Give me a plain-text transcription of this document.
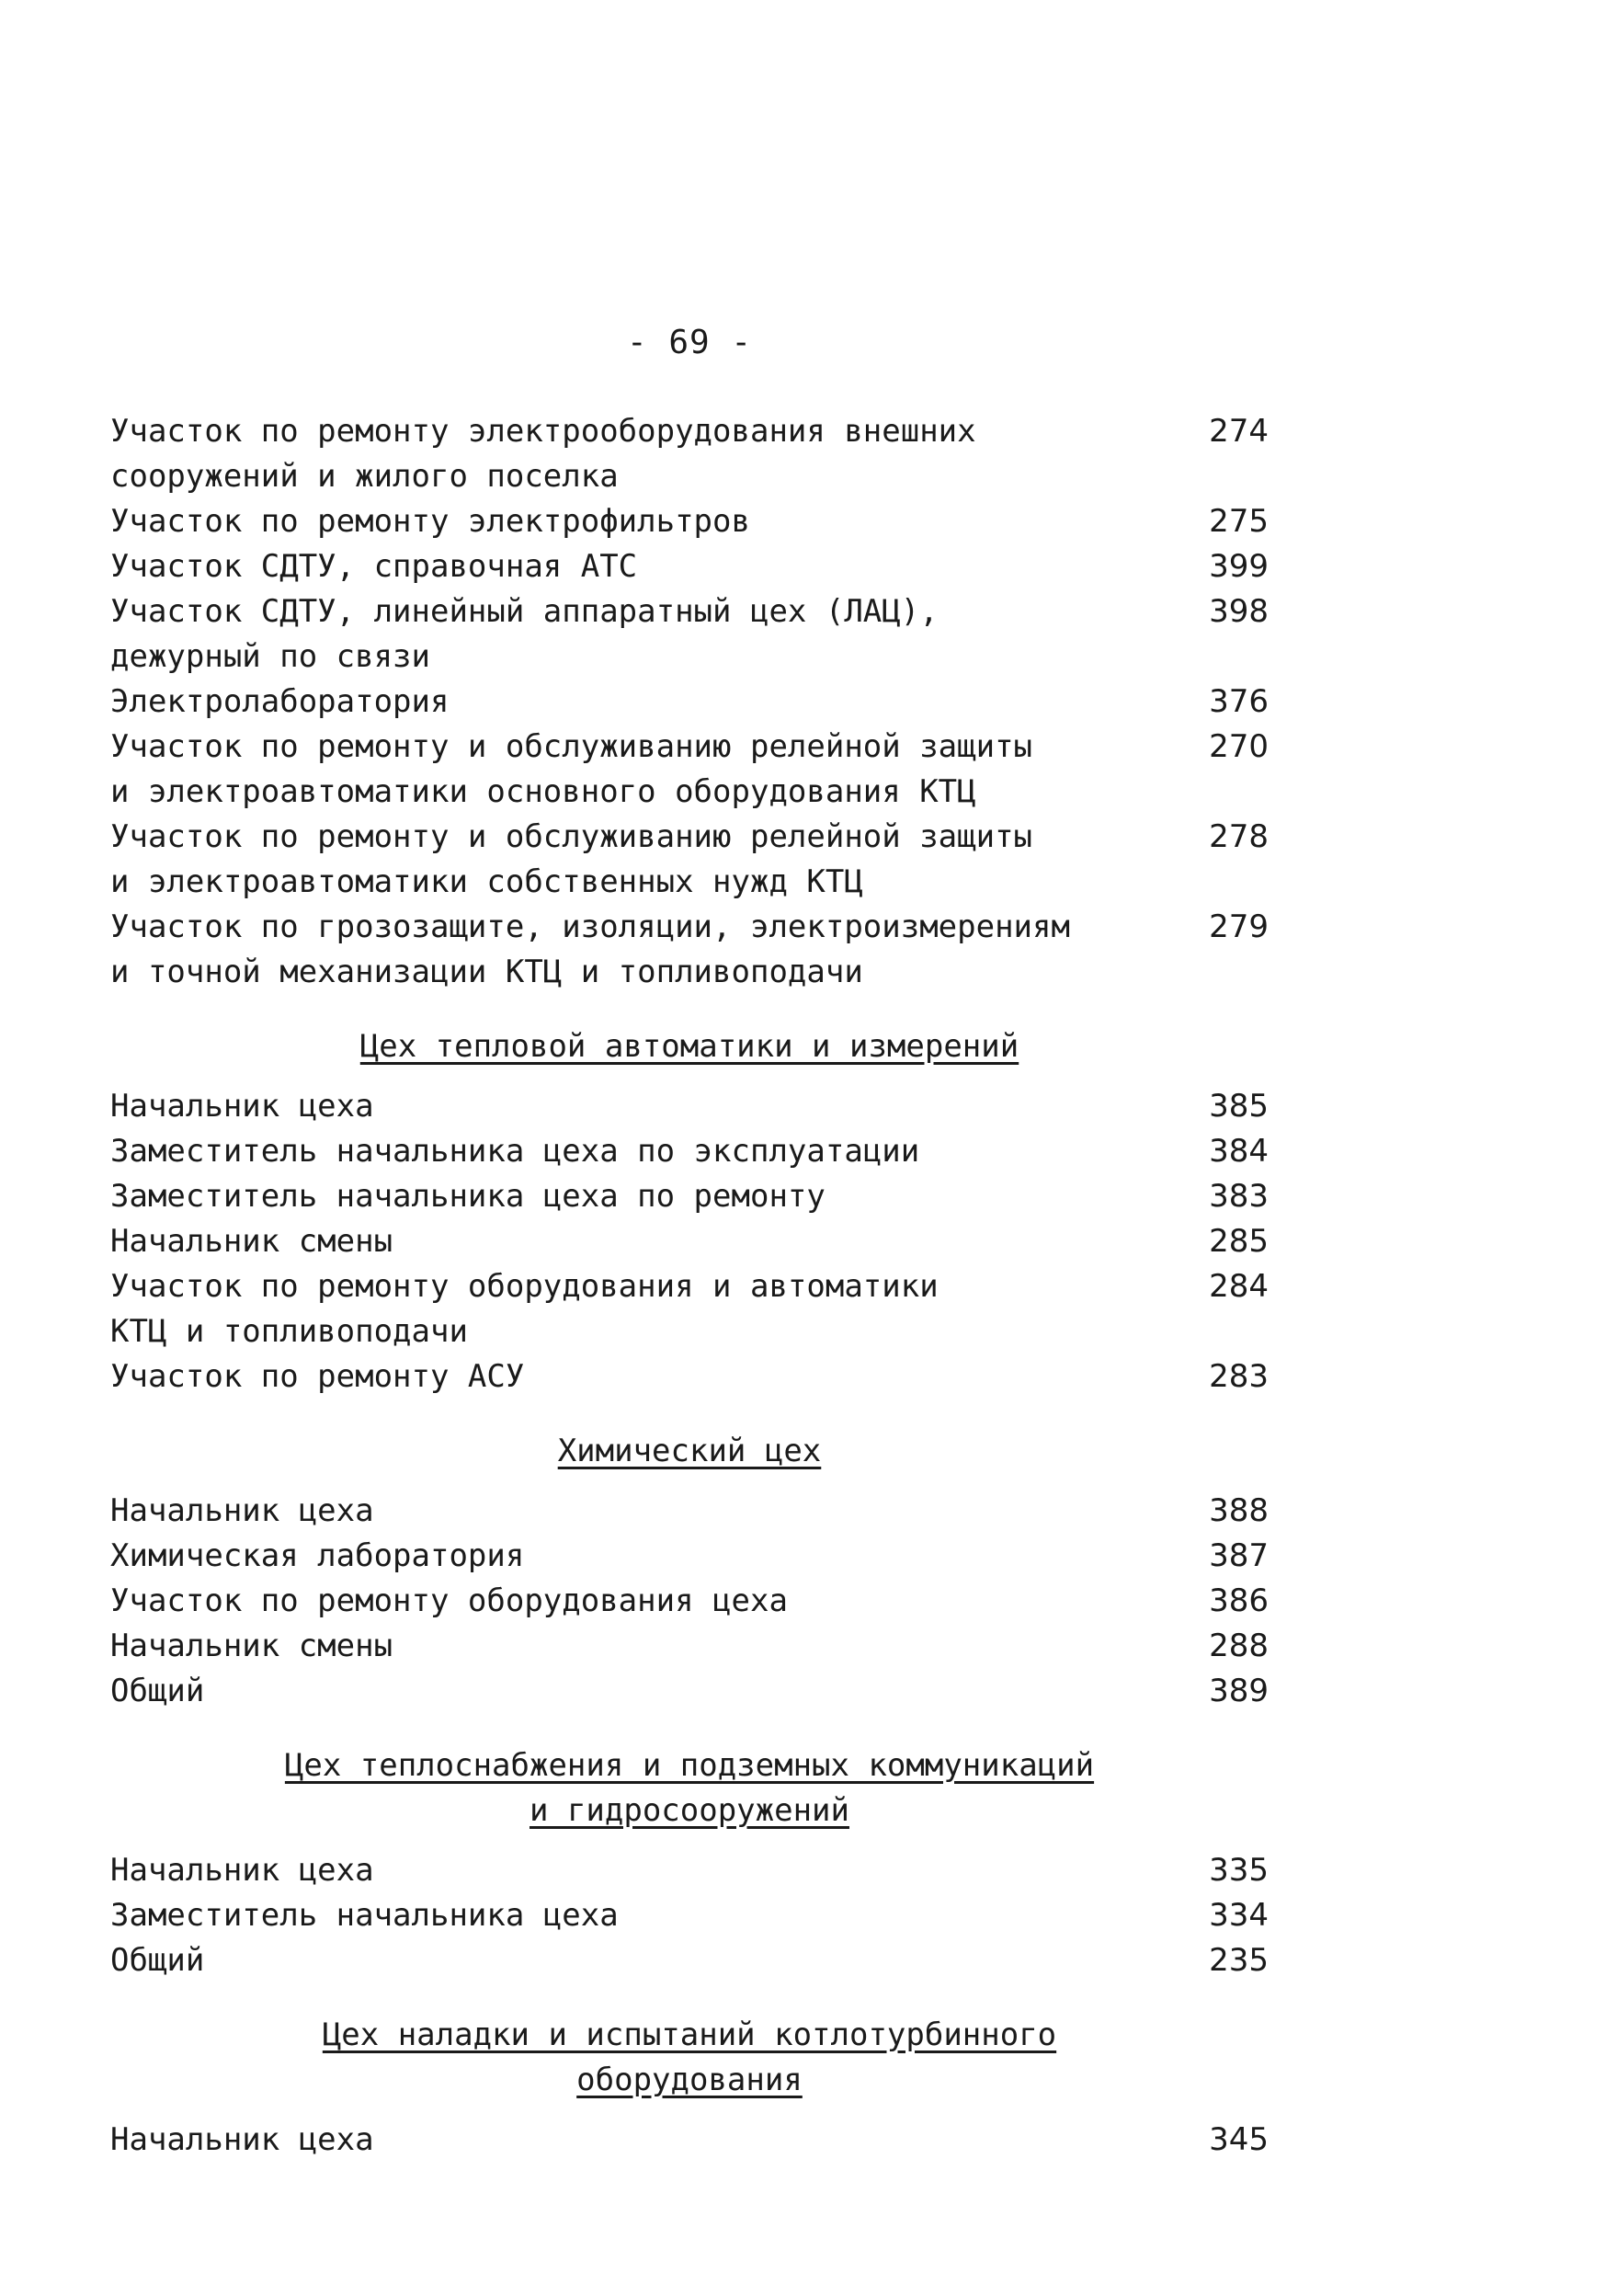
- 69 -
Участок по ремонту электрооборудования внешних	274
сооружений и жилого поселка
Участок по ремонту электрофильтров	275
Участок СДТУ, справочная АТС	399
Участок СДТУ, линейный аппаратный цех (ЛАЦ),	398
дежурный по связи
Электролаборатория	376
Участок по ремонту и обслуживанию релейной защиты	270
и электроавтоматики основного оборудования КТЦ
Участок по ремонту и обслуживанию релейной защиты	278
и электроавтоматики собственных нужд КТЦ
Участок по грозозащите, изоляции, электроизмерениям	279
и точной механизации КТЦ и топливоподачи
Цех тепловой автоматики и измерений
Начальник цеха	385
Заместитель начальника цеха по эксплуатации	384
Заместитель начальника цеха по ремонту	383
Начальник смены	285
Участок по ремонту оборудования и автоматики	284
КТЦ и топливоподачи
Участок по ремонту АСУ	283
Химический цех
Начальник цеха	388
Химическая лаборатория	387
Участок по ремонту оборудования цеха	386
Начальник смены	288
Общий	389
Цех теплоснабжения и подземных коммуникаций
и гидросооружений
Начальник цеха	335
Заместитель начальника цеха	334
Общий	235
Цех наладки и испытаний котлотурбинного
оборудования
Начальник цеха	345
